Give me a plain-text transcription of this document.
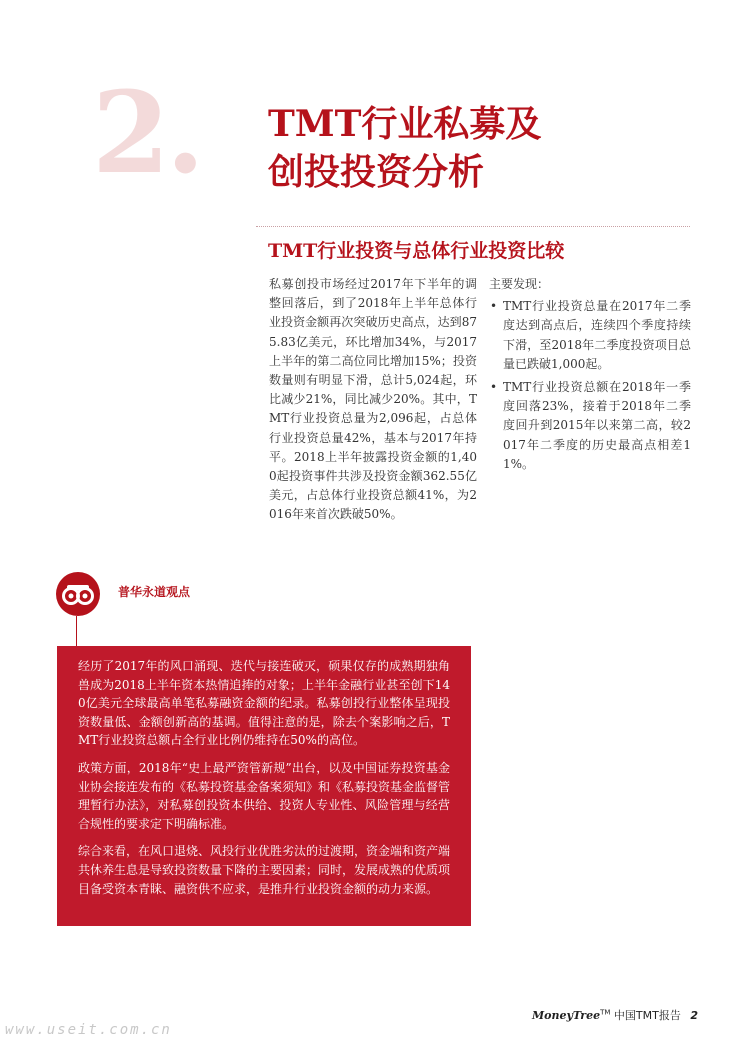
2. TMT行业私募及
创投投资分析
TMT行业投资与总体行业投资比较
私募创投市场经过2017年下半年的调整回落后，到了2018年上半年总体行业投资金额再次突破历史高点，达到875.83亿美元，环比增加34%，与2017上半年的第二高位同比增加15%；投资数量则有明显下滑，总计5,024起，环比减少21%，同比减少20%。其中，TMT行业投资总量为2,096起，占总体行业投资总量42%，基本与2017年持平。2018上半年披露投资金额的1,400起投资事件共涉及投资金额362.55亿美元，占总体行业投资总额41%，为2016年来首次跌破50%。
主要发现：
• TMT行业投资总量在2017年二季度达到高点后，连续四个季度持续下滑，至2018年二季度投资项目总量已跌破1,000起。
• TMT行业投资总额在2018年一季度回落23%，接着于2018年二季度回升到2015年以来第二高，较2017年二季度的历史最高点相差11%。
普华永道观点

经历了2017年的风口涌现、迭代与接连破灭，硕果仅存的成熟期独角兽成为2018上半年资本热情追捧的对象；上半年金融行业甚至创下140亿美元全球最高单笔私募融资金额的纪录。私募创投行业整体呈现投资数量低、金额创新高的基调。值得注意的是，除去个案影响之后，TMT行业投资总额占全行业比例仍维持在50%的高位。

政策方面，2018年“史上最严资管新规”出台，以及中国证券投资基金业协会接连发布的《私募投资基金备案须知》和《私募投资基金监督管理暂行办法》，对私募创投资本供给、投资人专业性、风险管理与经营合规性的要求定下明确标准。

综合来看，在风口退烧、风投行业优胜劣汰的过渡期，资金端和资产端共休养生息是导致投资数量下降的主要因素；同时，发展成熟的优质项目备受资本青睐、融资供不应求，是推升行业投资金额的动力来源。

MoneyTree™ 中国TMT报告 2
www.useit.com.cn
